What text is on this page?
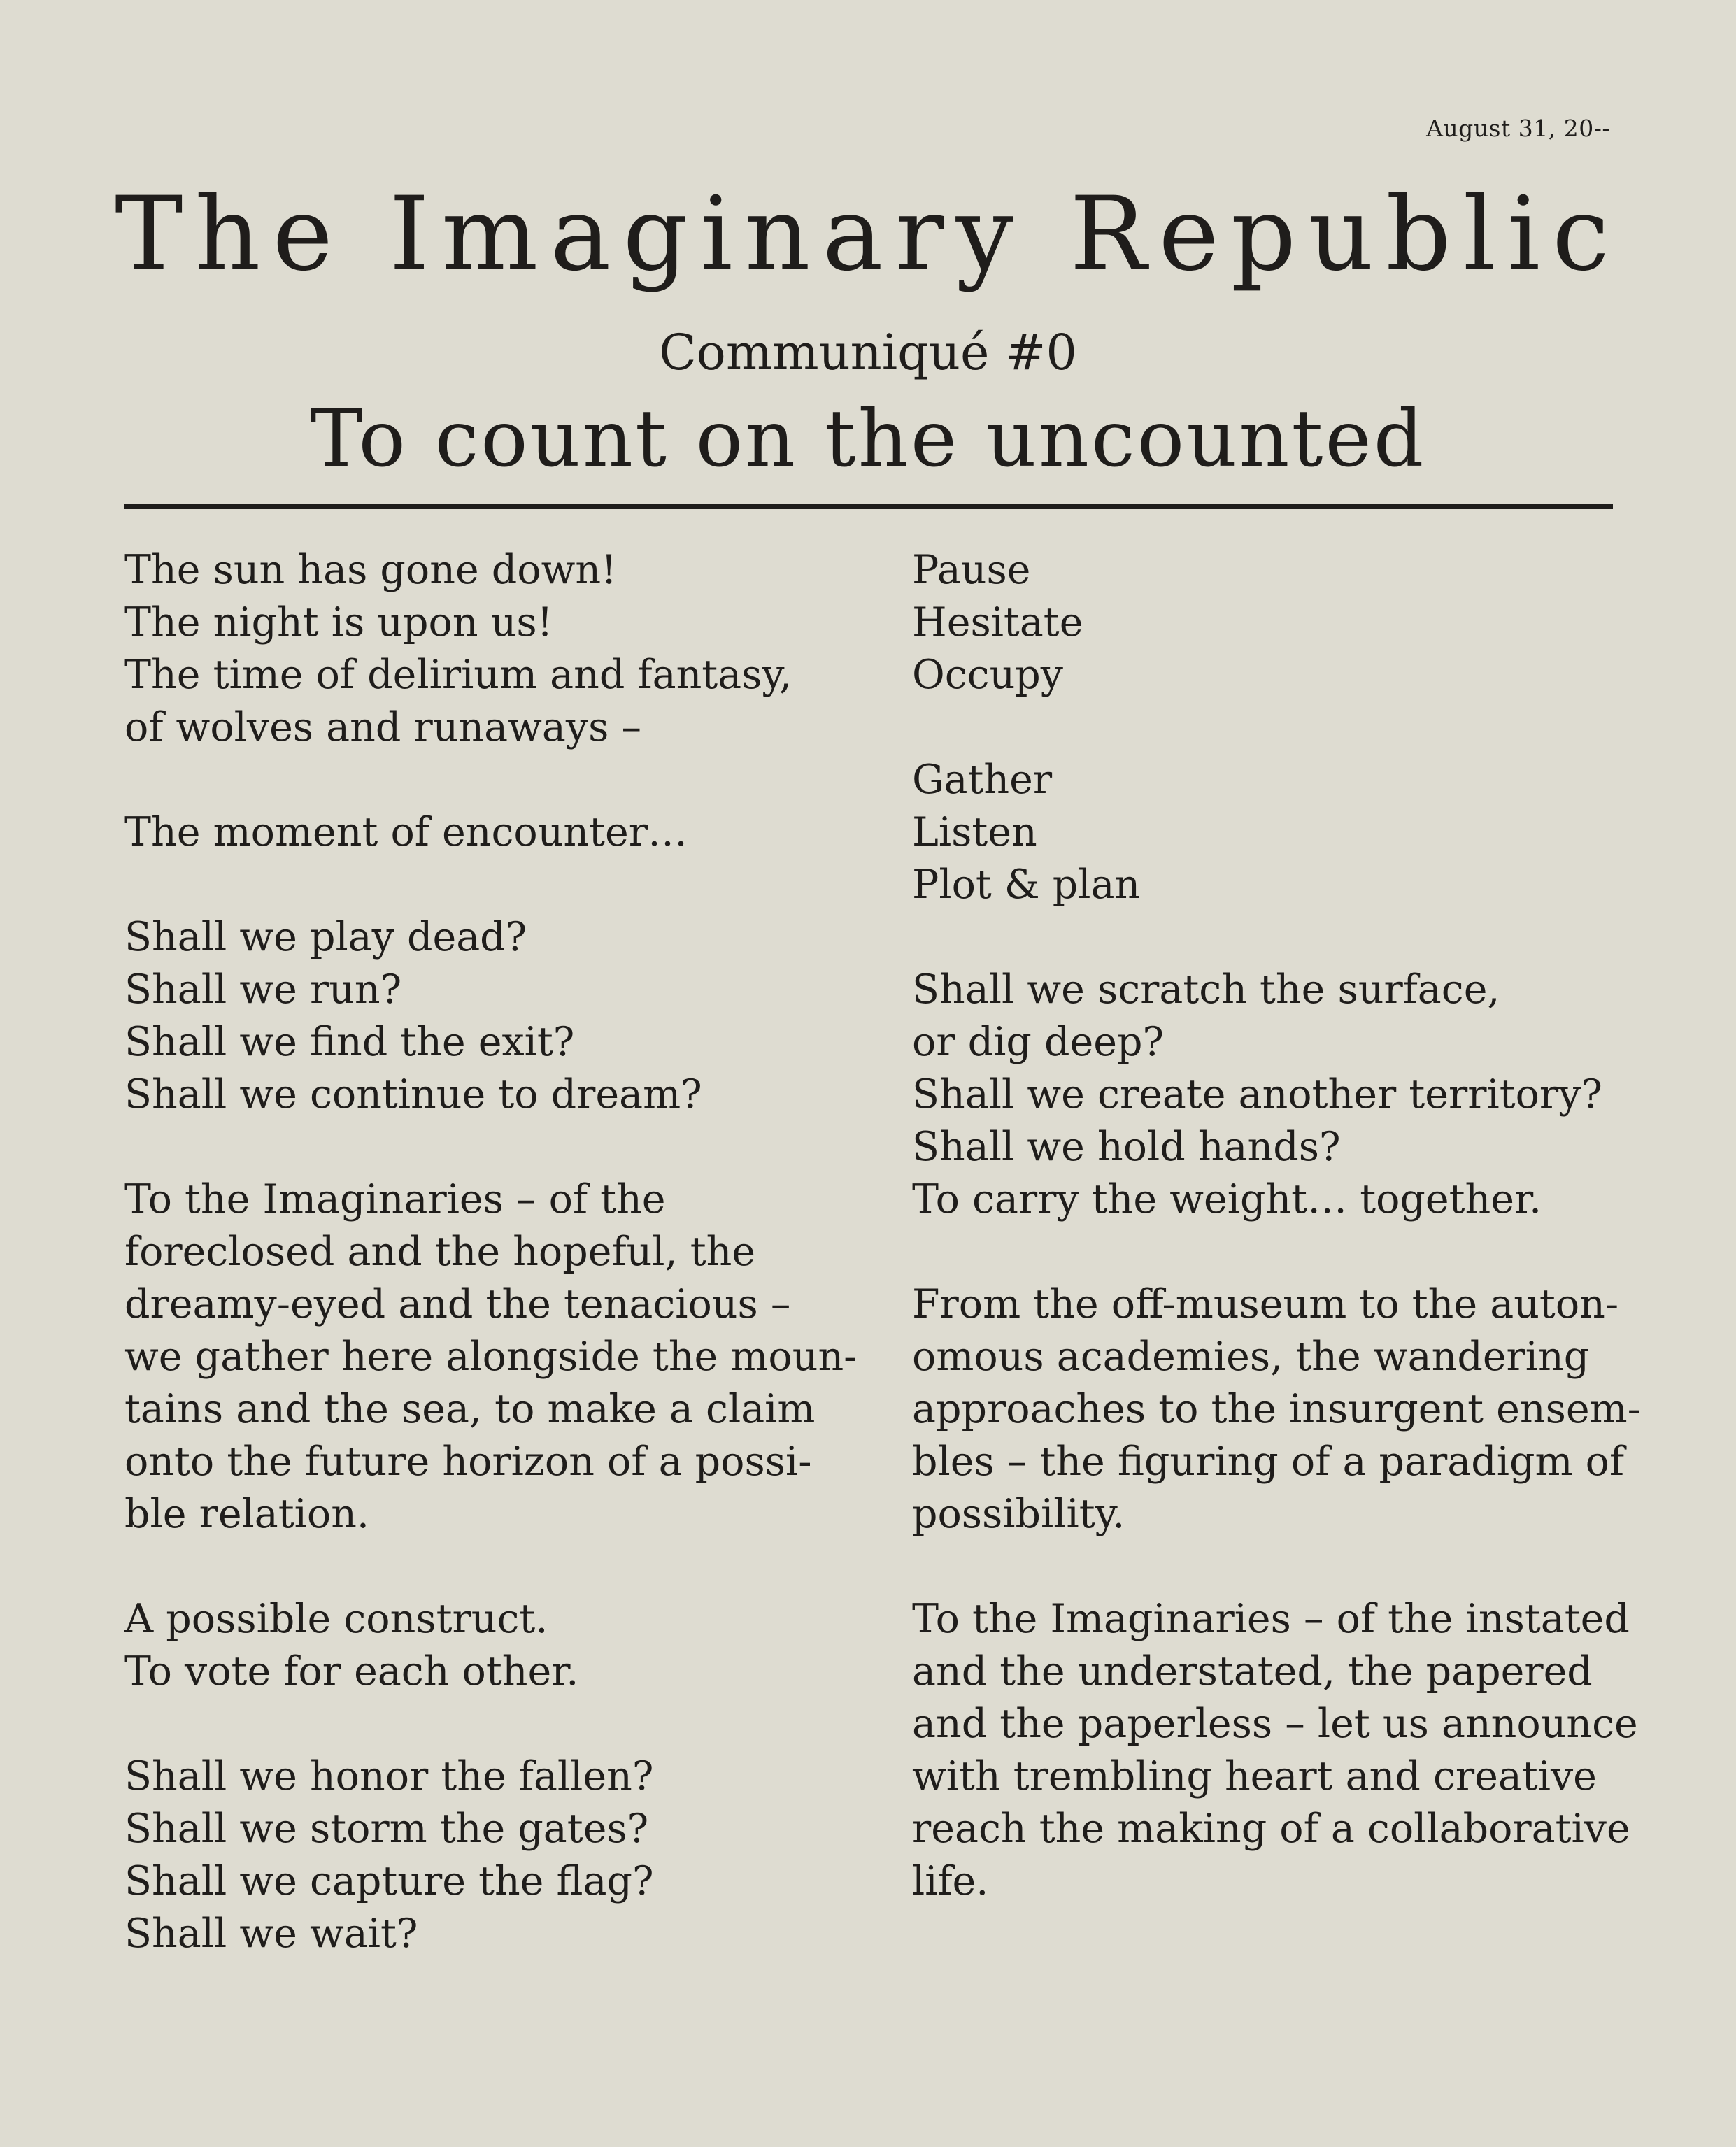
August 31, 20--

The Imaginary Republic

Communiqué #0

To count on the uncounted
The sun has gone down!
The night is upon us!
The time of delirium and fantasy,
of wolves and runaways –
The moment of encounter…
Shall we play dead?
Shall we run?
Shall we find the exit?
Shall we continue to dream?
To the Imaginaries – of the
foreclosed and the hopeful, the
dreamy-eyed and the tenacious –
we gather here alongside the moun-
tains and the sea, to make a claim
onto the future horizon of a possi-
ble relation.
A possible construct.
To vote for each other.
Shall we honor the fallen?
Shall we storm the gates?
Shall we capture the flag?
Shall we wait?
Pause
Hesitate
Occupy
Gather
Listen
Plot & plan
Shall we scratch the surface,
or dig deep?
Shall we create another territory?
Shall we hold hands?
To carry the weight… together.
From the off-museum to the auton-
omous academies, the wandering
approaches to the insurgent ensem-
bles – the figuring of a paradigm of
possibility.
To the Imaginaries – of the instated
and the understated, the papered
and the paperless – let us announce
with trembling heart and creative
reach the making of a collaborative
life.
